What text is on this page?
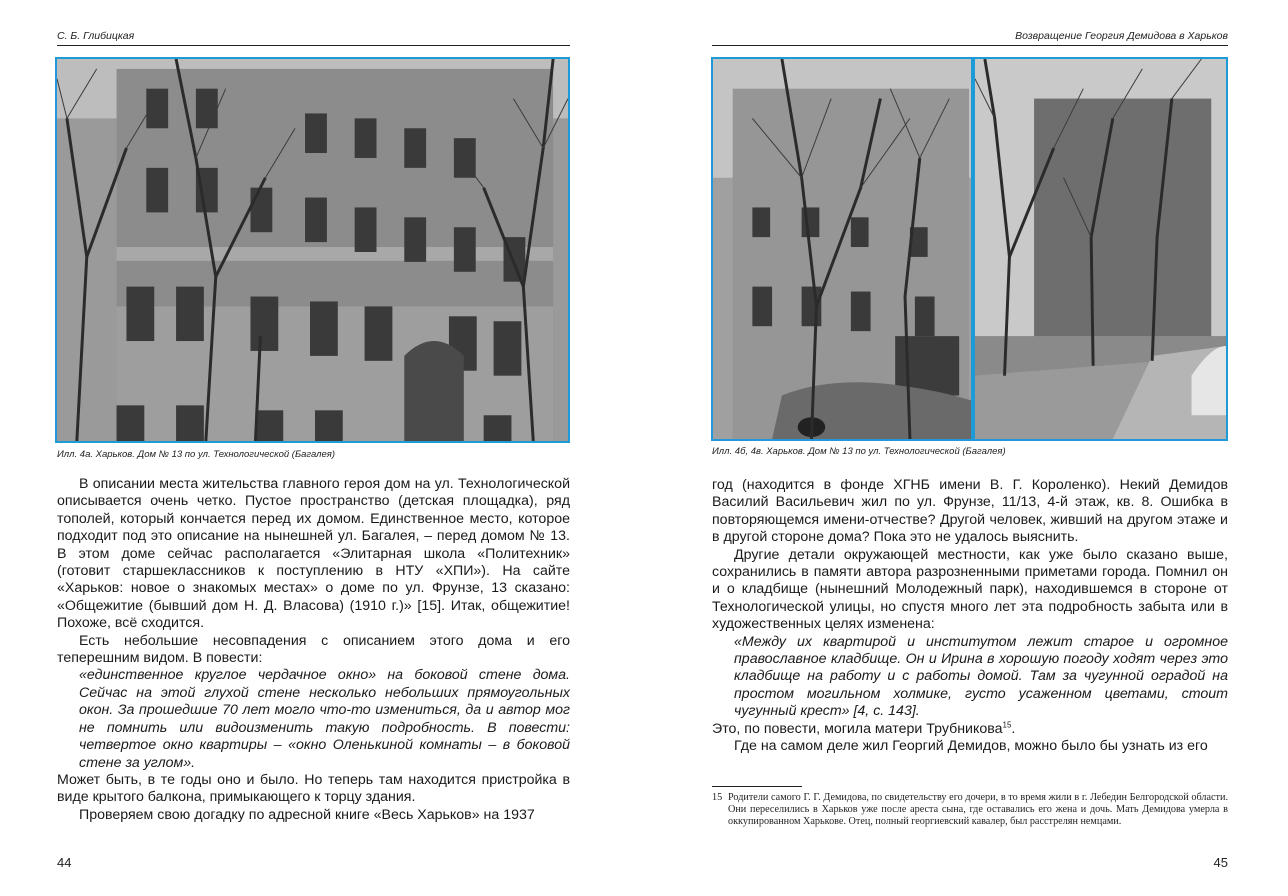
С. Б. Глибицкая
Илл. 4а. Харьков. Дом № 13 по ул. Технологической (Багалея)

В описании места жительства главного героя дом на ул. Технологической описывается очень четко. Пустое пространство (детская площадка), ряд тополей, который кончается перед их домом. Единственное место, которое подходит под это описание на нынешней ул. Багалея, – перед домом № 13. В этом доме сейчас располагается «Элитарная школа «Политехник» (готовит старшеклассников к поступлению в НТУ «ХПИ»). На сайте «Харьков: новое о знакомых местах» о доме по ул. Фрунзе, 13 сказано: «Общежитие (бывший дом Н. Д. Власова) (1910 г.)» [15]. Итак, общежитие! Похоже, всё сходится.

Есть небольшие несовпадения с описанием этого дома и его теперешним видом. В повести:

«единственное круглое чердачное окно» на боковой стене дома. Сейчас на этой глухой стене несколько небольших прямоугольных окон. За прошедшие 70 лет могло что-то измениться, да и автор мог не помнить или видоизменить такую подробность. В повести: четвертое окно квартиры – «окно Оленькиной комнаты – в боковой стене за углом».

Может быть, в те годы оно и было. Но теперь там находится пристройка в виде крытого балкона, примыкающего к торцу здания.

Проверяем свою догадку по адресной книге «Весь Харьков» на 1937

44
Возвращение Георгия Демидова в Харьков
Илл. 4б, 4в. Харьков. Дом № 13 по ул. Технологической (Багалея)

год (находится в фонде ХГНБ имени В. Г. Короленко). Некий Демидов Василий Васильевич жил по ул. Фрунзе, 11/13, 4-й этаж, кв. 8. Ошибка в повторяющемся имени-отчестве? Другой человек, живший на другом этаже и в другой стороне дома? Пока это не удалось выяснить.

Другие детали окружающей местности, как уже было сказано выше, сохранились в памяти автора разрозненными приметами города. Помнил он и о кладбище (нынешний Молодежный парк), находившемся в стороне от Технологической улицы, но спустя много лет эта подробность забыта или в художественных целях изменена:

«Между их квартирой и институтом лежит старое и огромное православное кладбище. Он и Ирина в хорошую погоду ходят через это кладбище на работу и с работы домой. Там за чугунной оградой на простом могильном холмике, густо усаженном цветами, стоит чугунный крест» [4, с. 143].

Это, по повести, могила матери Трубникова$^{15}$.

Где на самом деле жил Георгий Демидов, можно было бы узнать из его

15 Родители самого Г. Г. Демидова, по свидетельству его дочери, в то время жили в г. Лебедин Белгородской области. Они переселились в Харьков уже после ареста сына, где оставались его жена и дочь. Мать Демидова умерла в оккупированном Харькове. Отец, полный георгиевский кавалер, был расстрелян немцами.
45
